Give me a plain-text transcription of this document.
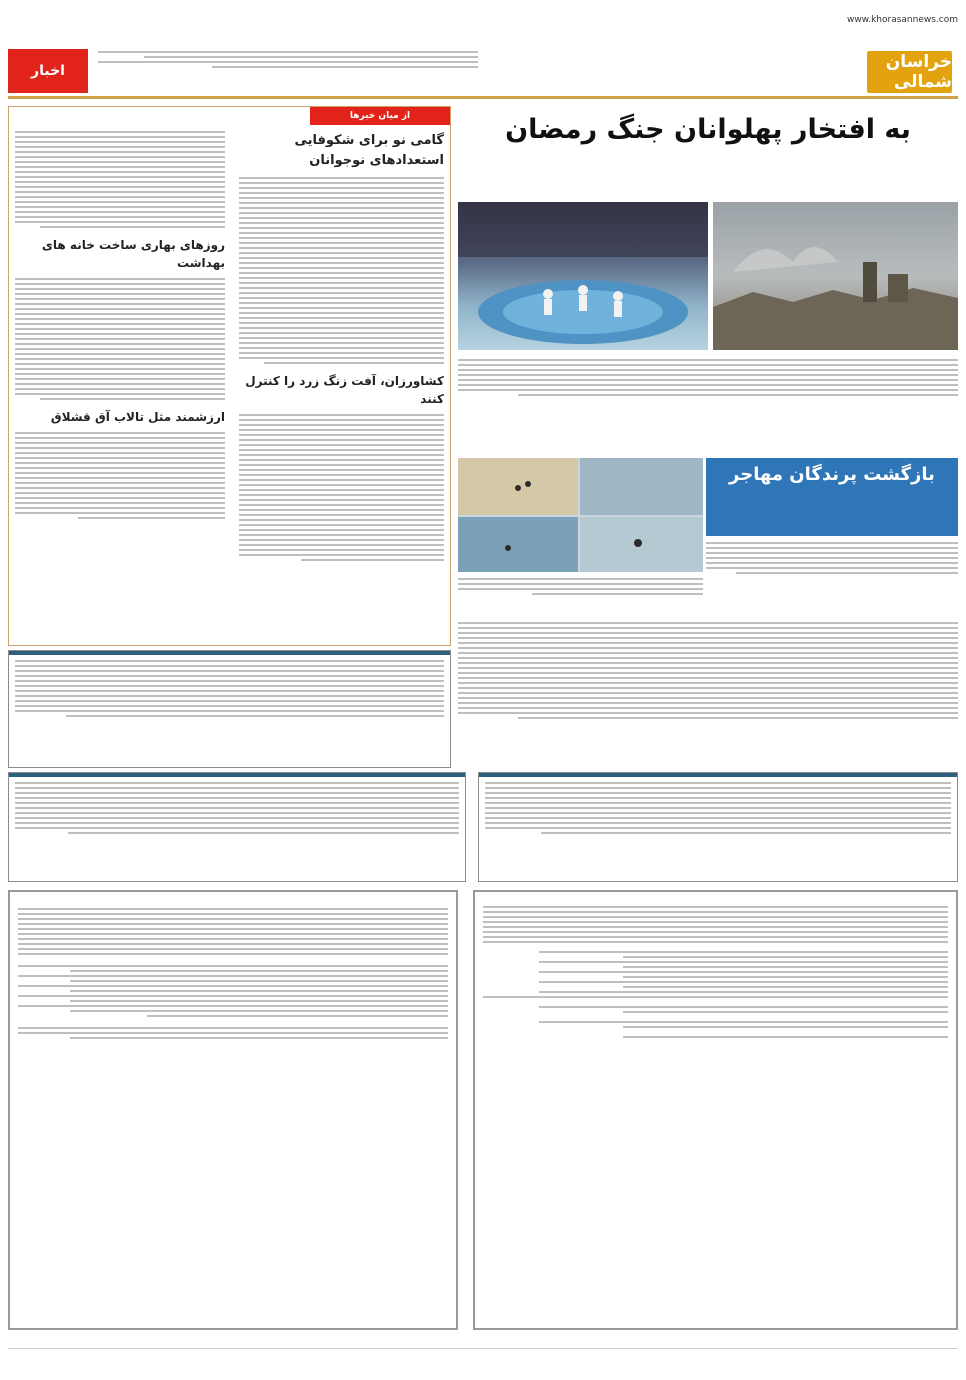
www.khorasannews.com
خراسان شمالی
اخبار
به افتخار پهلوانان جنگ رمضان
بازگشت پرندگان مهاجر
از میان خبرها
گامی نو برای شکوفایی استعدادهای نوجوانان
کشاورزان، آفت زنگ زرد را کنترل کنند
روزهای بهاری ساخت خانه های بهداشت
ارزشمند مثل تالاب آق قشلاق
